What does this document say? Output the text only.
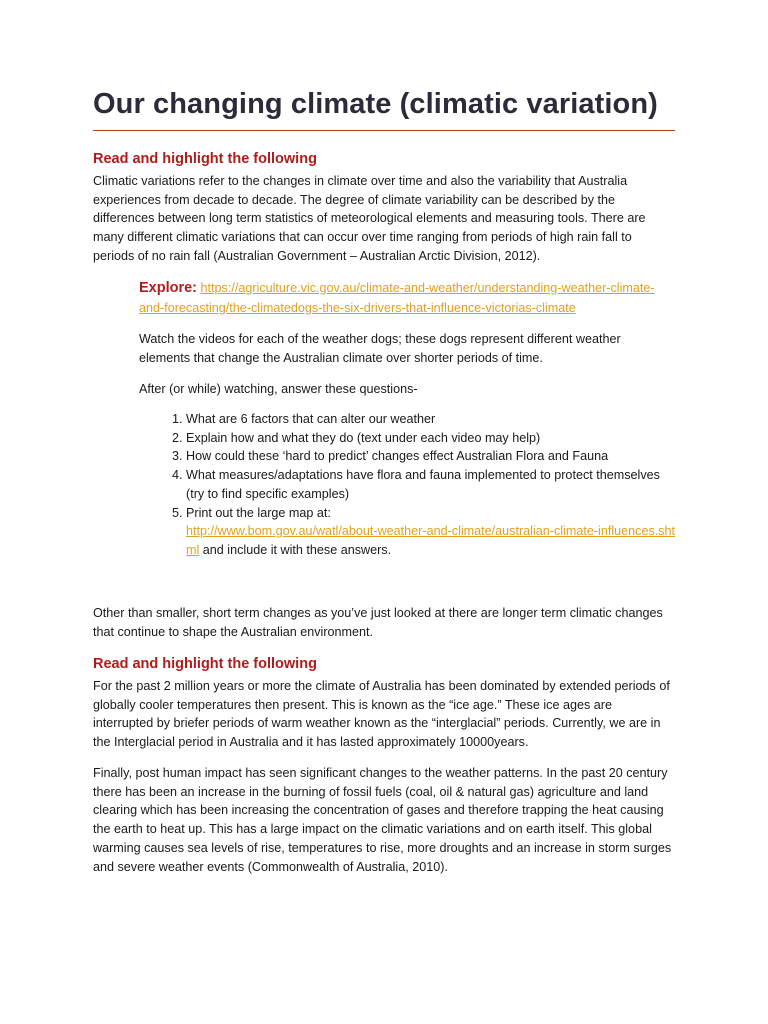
Our changing climate (climatic variation)
Read and highlight the following
Climatic variations refer to the changes in climate over time and also the variability that Australia experiences from decade to decade. The degree of climate variability can be described by the differences between long term statistics of meteorological elements and measuring tools. There are many different climatic variations that can occur over time ranging from periods of high rain fall to periods of no rain fall (Australian Government – Australian Arctic Division, 2012).
Explore: https://agriculture.vic.gov.au/climate-and-weather/understanding-weather-climate-and-forecasting/the-climatedogs-the-six-drivers-that-influence-victorias-climate
Watch the videos for each of the weather dogs; these dogs represent different weather elements that change the Australian climate over shorter periods of time.
After (or while) watching, answer these questions-
1. What are 6 factors that can alter our weather
2. Explain how and what they do (text under each video may help)
3. How could these ‘hard to predict’ changes effect Australian Flora and Fauna
4. What measures/adaptations have flora and fauna implemented to protect themselves (try to find specific examples)
5. Print out the large map at:
http://www.bom.gov.au/watl/about-weather-and-climate/australian-climate-influences.shtml and include it with these answers.
Other than smaller, short term changes as you’ve just looked at there are longer term climatic changes that continue to shape the Australian environment.
Read and highlight the following
For the past 2 million years or more the climate of Australia has been dominated by extended periods of globally cooler temperatures then present. This is known as the “ice age.” These ice ages are interrupted by briefer periods of warm weather known as the “interglacial” periods. Currently, we are in the Interglacial period in Australia and it has lasted approximately 10000years.
Finally, post human impact has seen significant changes to the weather patterns. In the past 20 century there has been an increase in the burning of fossil fuels (coal, oil & natural gas) agriculture and land clearing which has been increasing the concentration of gases and therefore trapping the heat causing the earth to heat up. This has a large impact on the climatic variations and on earth itself. This global warming causes sea levels of rise, temperatures to rise, more droughts and an increase in storm surges and severe weather events (Commonwealth of Australia, 2010).
